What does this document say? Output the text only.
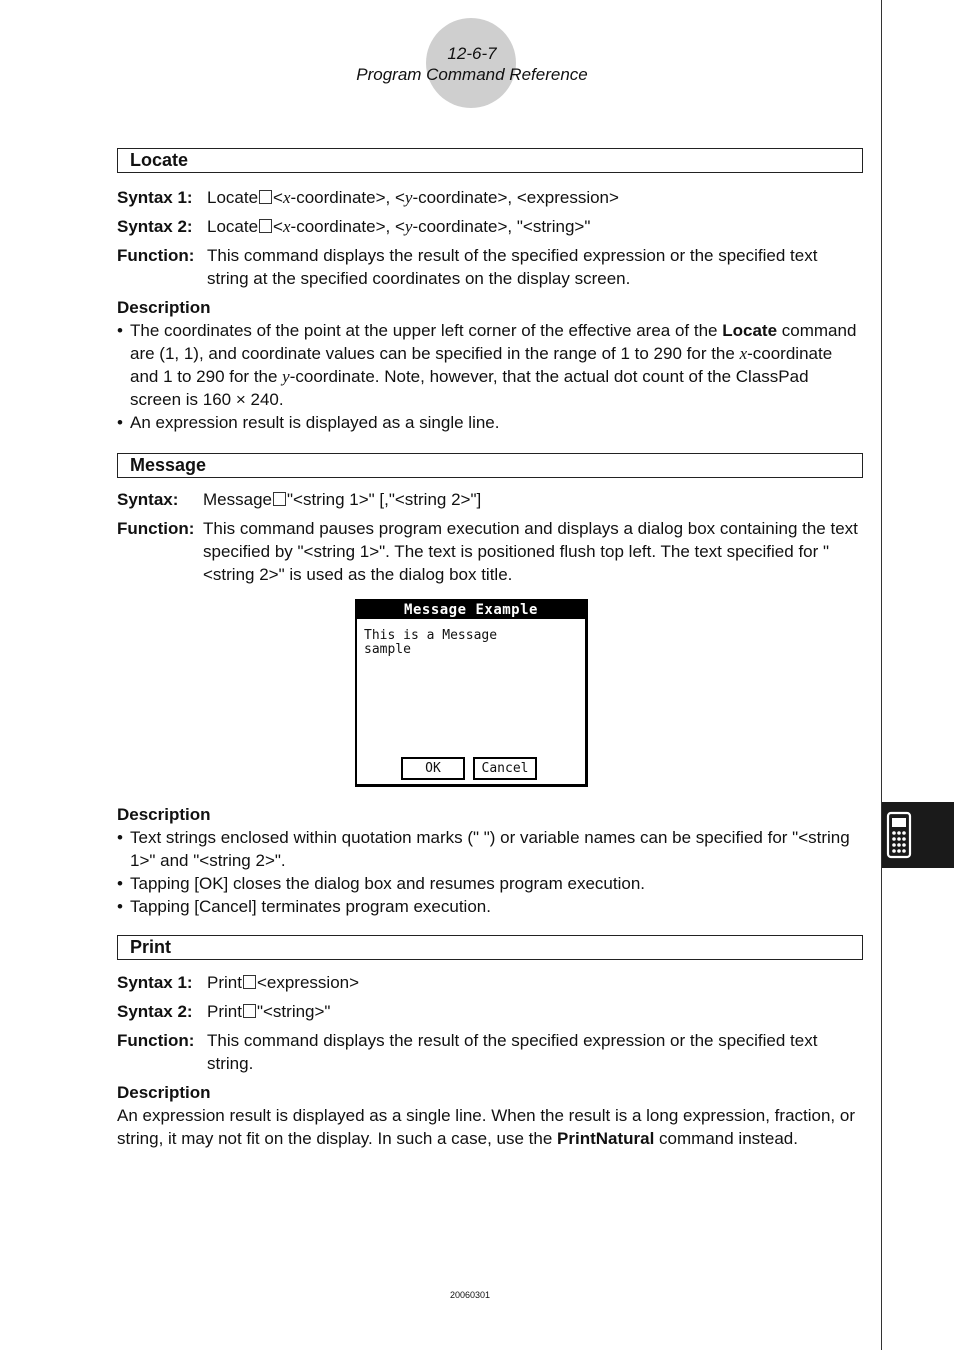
12-6-7
Program Command Reference
Locate
Syntax 1: Locate <x-coordinate>, <y-coordinate>, <expression>
Syntax 2: Locate <x-coordinate>, <y-coordinate>, "<string>"
Function: This command displays the result of the specified expression or the specified text string at the specified coordinates on the display screen.
Description
• The coordinates of the point at the upper left corner of the effective area of the Locate command are (1, 1), and coordinate values can be specified in the range of 1 to 290 for the x-coordinate and 1 to 290 for the y-coordinate. Note, however, that the actual dot count of the ClassPad screen is 160 × 240.
• An expression result is displayed as a single line.
Message
Syntax:	Message "<string 1>" [,"<string 2>"]
Function: This command pauses program execution and displays a dialog box containing the text specified by "<string 1>". The text is positioned flush top left. The text specified for "<string 2>" is used as the dialog box title.
Message Example
This is a Message
sample
OK	Cancel
Description
• Text strings enclosed within quotation marks (" ") or variable names can be specified for "<string 1>" and "<string 2>".
• Tapping [OK] closes the dialog box and resumes program execution.
• Tapping [Cancel] terminates program execution.
Print
Syntax 1: Print <expression>
Syntax 2: Print "<string>"
Function: This command displays the result of the specified expression or the specified text string.
Description
An expression result is displayed as a single line. When the result is a long expression, fraction, or string, it may not fit on the display. In such a case, use the PrintNatural command instead.
20060301
